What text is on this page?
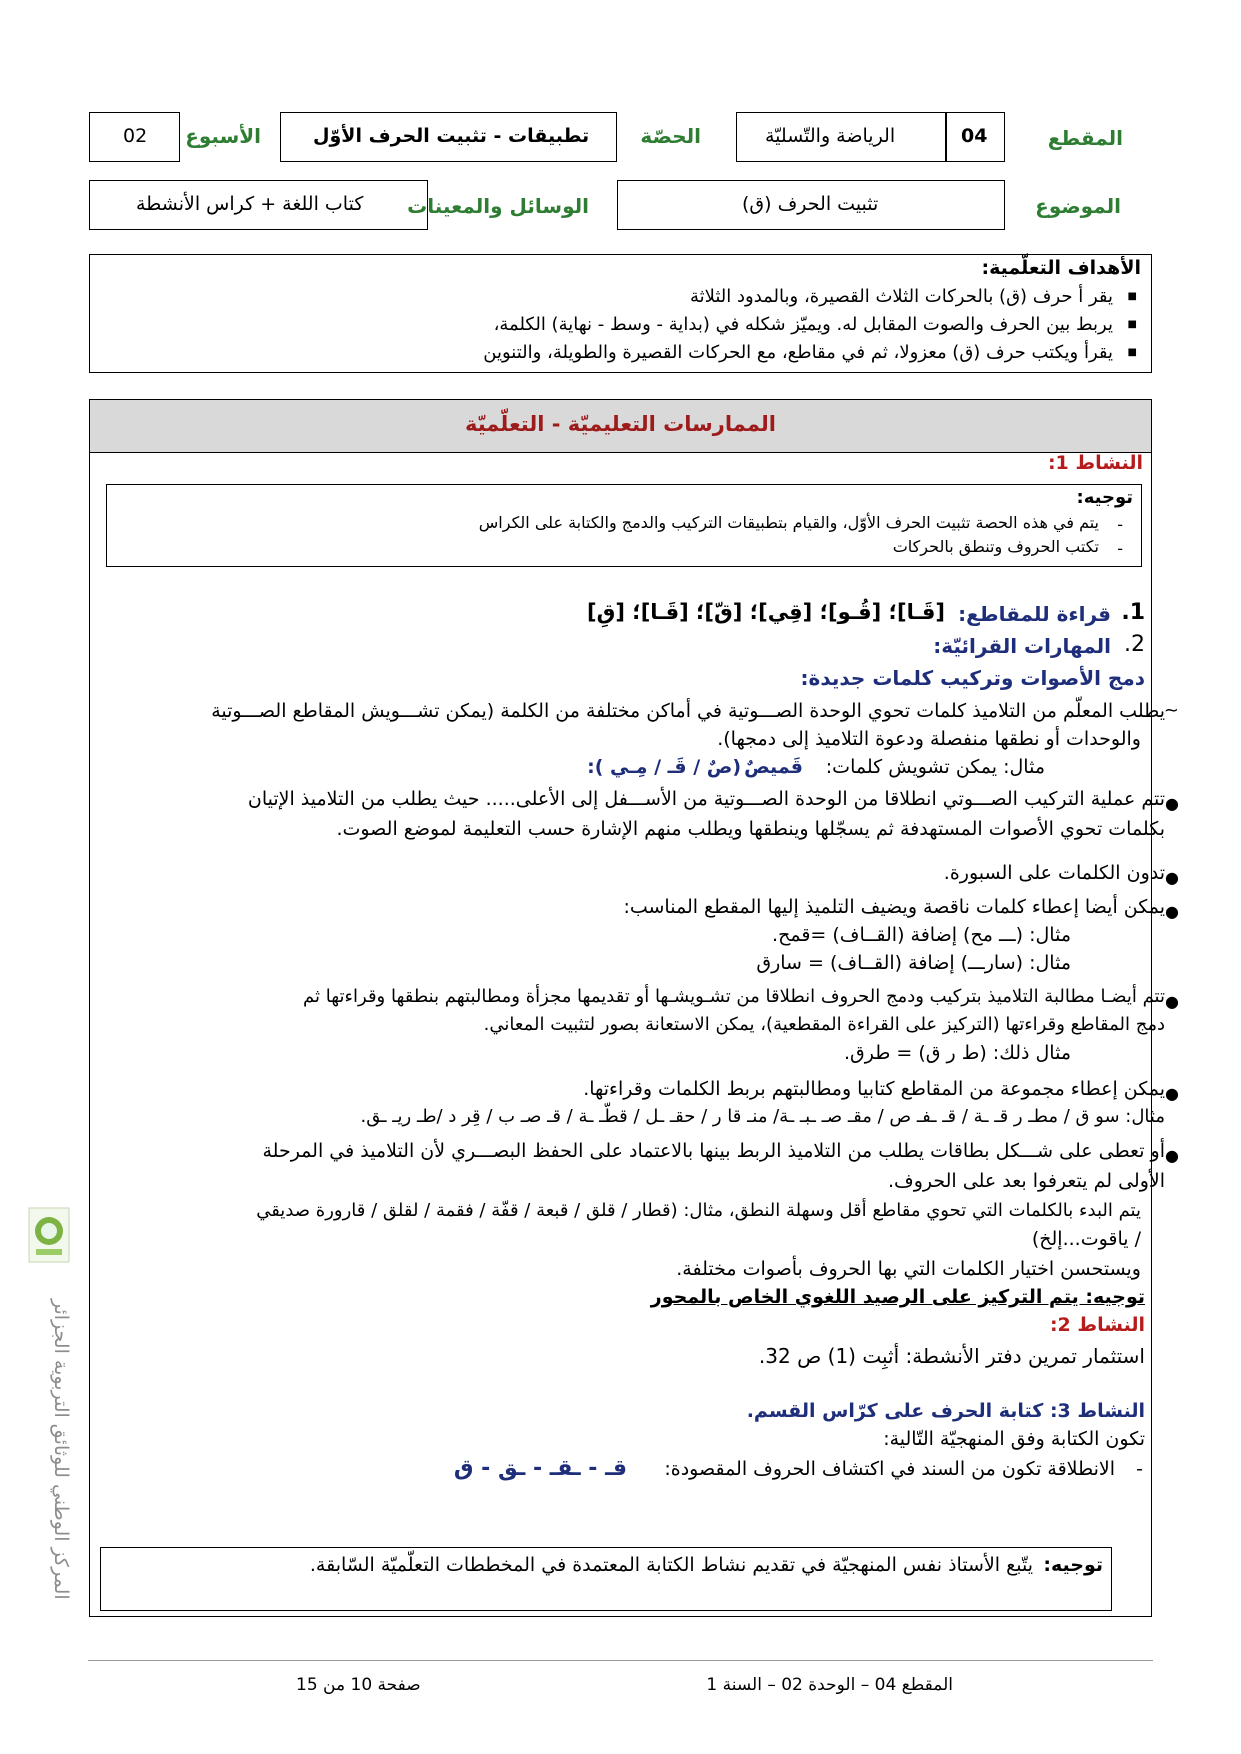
المقطع
04
الرياضة والتّسليّة
الحصّة
تطبيقات - تثبيت الحرف الأوّل
الأسبوع
02
الموضوع
تثبيت الحرف (ق)
الوسائل والمعينات
كتاب اللغة + كراس الأنشطة
الأهداف التعلّمية:
■ يقر أ حرف (ق) بالحركات الثلاث القصيرة، وبالمدود الثلاثة
■ يربط بين الحرف والصوت المقابل له. ويميّز شكله في (بداية - وسط - نهاية) الكلمة،
■ يقرأ ويكتب حرف (ق) معزولا، ثم في مقاطع، مع الحركات القصيرة والطويلة، والتنوين
الممارسات التعليميّة - التعلّميّة
النشاط 1:
توجيه:
-
يتم في هذه الحصة تثبيت الحرف الأوّل، والقيام بتطبيقات التركيب والدمج والكتابة على الكراس
-
تكتب الحروف وتنطق بالحركات
1.
قراءة للمقاطع:
[قَـا]؛ [قُـو]؛ [قِي]؛ [قّ]؛ [قَـا]؛ [قِ]
2.
المهارات القرائيّة:
دمج الأصوات وتركيب كلمات جديدة:
~
يطلب المعلّم من التلاميذ كلمات تحوي الوحدة الصـــوتية في أماكن مختلفة من الكلمة (يمكن تشـــويش المقاطع الصـــوتية
والوحدات أو نطقها منفصلة ودعوة التلاميذ إلى دمجها).
مثال: يمكن تشويش كلمات:
قَميصٌ
:( صٌ / قَـ / مِـي)
●
تتم عملية التركيب الصـــوتي انطلاقا من الوحدة الصـــوتية من الأســـفل إلى الأعلى..... حيث يطلب من التلاميذ الإتيان
بكلمات تحوي الأصوات المستهدفة ثم يسجّلها وينطقها ويطلب منهم الإشارة حسب التعليمة لموضع الصوت.
●
تدون الكلمات على السبورة.
●
يمكن أيضا إعطاء كلمات ناقصة ويضيف التلميذ إليها المقطع المناسب:
مثال: (ـــ مح) إضافة (القــاف) =قمح.
مثال: (سارـــ) إضافة (القــاف) = سارق
●
تتم أيضـا مطالبة التلاميذ بتركيب ودمج الحروف انطلاقا من تشـويشـها أو تقديمها مجزأة ومطالبتهم بنطقها وقراءتها ثم
دمج المقاطع وقراءتها (التركيز على القراءة المقطعية)، يمكن الاستعانة بصور لتثبيت المعاني.
مثال ذلك: (ط ر ق) = طرق.
●
يمكن إعطاء مجموعة من المقاطع كتابيا ومطالبتهم بربط الكلمات وقراءتها.
مثال: سو ق / مطـ ر قـ ـة / قـ ـفـ ص / مقـ صـ ـبـ ـة/ منـ قا ر / حقـ ـل / قطّـ ـة / قـ صـ ب / قِر د /طـ ريـ ـق.
●
أو تعطى على شـــكل بطاقات يطلب من التلاميذ الربط بينها بالاعتماد على الحفظ البصـــري لأن التلاميذ في المرحلة
الأولى لم يتعرفوا بعد على الحروف.
يتم البدء بالكلمات التي تحوي مقاطع أقل وسهلة النطق، مثال: (قطار / قلق / قبعة / قفّة / فقمة / لقلق / قارورة صديقي
/ ياقوت...إلخ)
ويستحسن اختيار الكلمات التي بها الحروف بأصوات مختلفة.
توجيه: يتم التركيز على الرصيد اللغوي الخاص بالمحور
النشاط 2:
استثمار تمرين دفتر الأنشطة: أثبِت (1) ص 32.
النشاط 3: كتابة الحرف على كرّاس القسم.
تكون الكتابة وفق المنهجيّة التّالية:
-
الانطلاقة تكون من السند في اكتشاف الحروف المقصودة:
قـ - ـقـ - ـق - ق
توجيه:
يتّبع الأستاذ نفس المنهجيّة في تقديم نشاط الكتابة المعتمدة في المخططات التعلّميّة السّابقة.
المركز الوطني للوثائق التربوية الجزائر
المقطع 04 – الوحدة 02 – السنة 1
صفحة 10 من 15
